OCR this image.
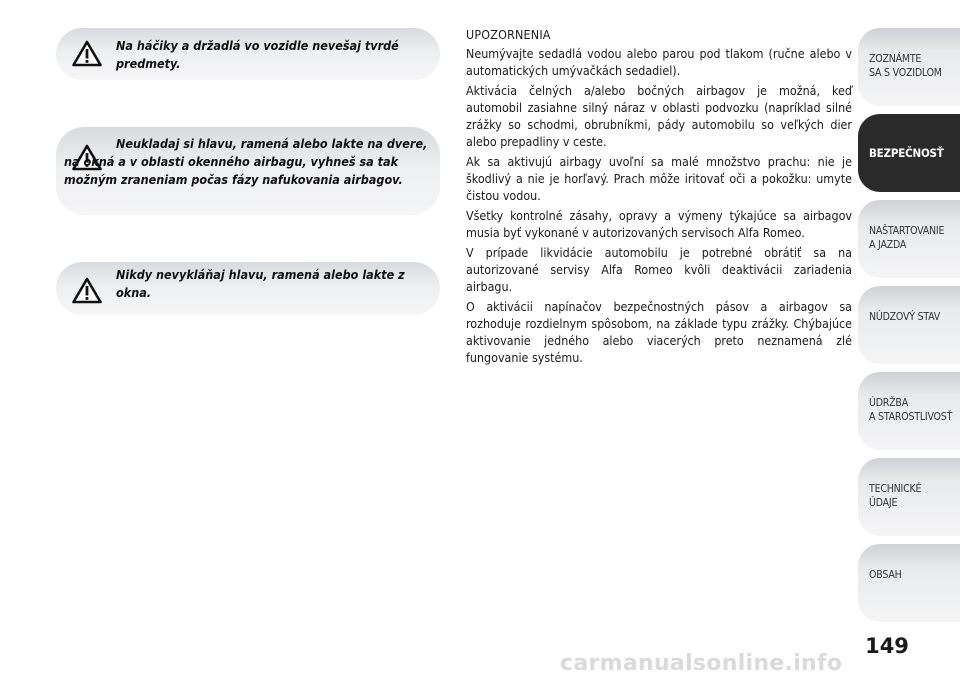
Na háčiky a držadlá vo vozidle nevešaj tvrdé predmety.
Neukladaj si hlavu, ramená alebo lakte na dvere, na okná a v oblasti okenného airbagu, vyhneš sa tak možným zraneniam počas fázy nafukovania airbagov.
Nikdy nevykláňaj hlavu, ramená alebo lakte z okna.
UPOZORNENIA

Neumývajte sedadlá vodou alebo parou pod tlakom (ručne alebo v automatických umývačkách sedadiel).

Aktivácia čelných a/alebo bočných airbagov je možná, keď automobil zasiahne silný náraz v oblasti podvozku (napríklad silné zrážky so schodmi, obrubníkmi, pády automobilu so veľkých dier alebo prepadliny v ceste.

Ak sa aktivujú airbagy uvoľní sa malé množstvo prachu: nie je škodlivý a nie je horľavý. Prach môže iritovať oči a pokožku: umyte čistou vodou.

Všetky kontrolné zásahy, opravy a výmeny týkajúce sa airbagov musia byť vykonané v autorizovaných servisoch Alfa Romeo.

V prípade likvidácie automobilu je potrebné obrátiť sa na autorizované servisy Alfa Romeo kvôli deaktivácii zariadenia airbagu.

O aktivácii napínačov bezpečnostných pásov a airbagov sa rozhoduje rozdielnym spôsobom, na základe typu zrážky. Chýbajúce aktivovanie jedného alebo viacerých preto neznamená zlé fungovanie systému.

ZOZNÁMTE
SA S VOZIDLOM
BEZPEČNOSŤ
NAŠTARTOVANIE
A JAZDA
NÚDZOVÝ STAV
ÚDRŽBA
A STAROSTLIVOSŤ
TECHNICKÉ
ÚDAJE
OBSAH
149
carmanualsonline.info
